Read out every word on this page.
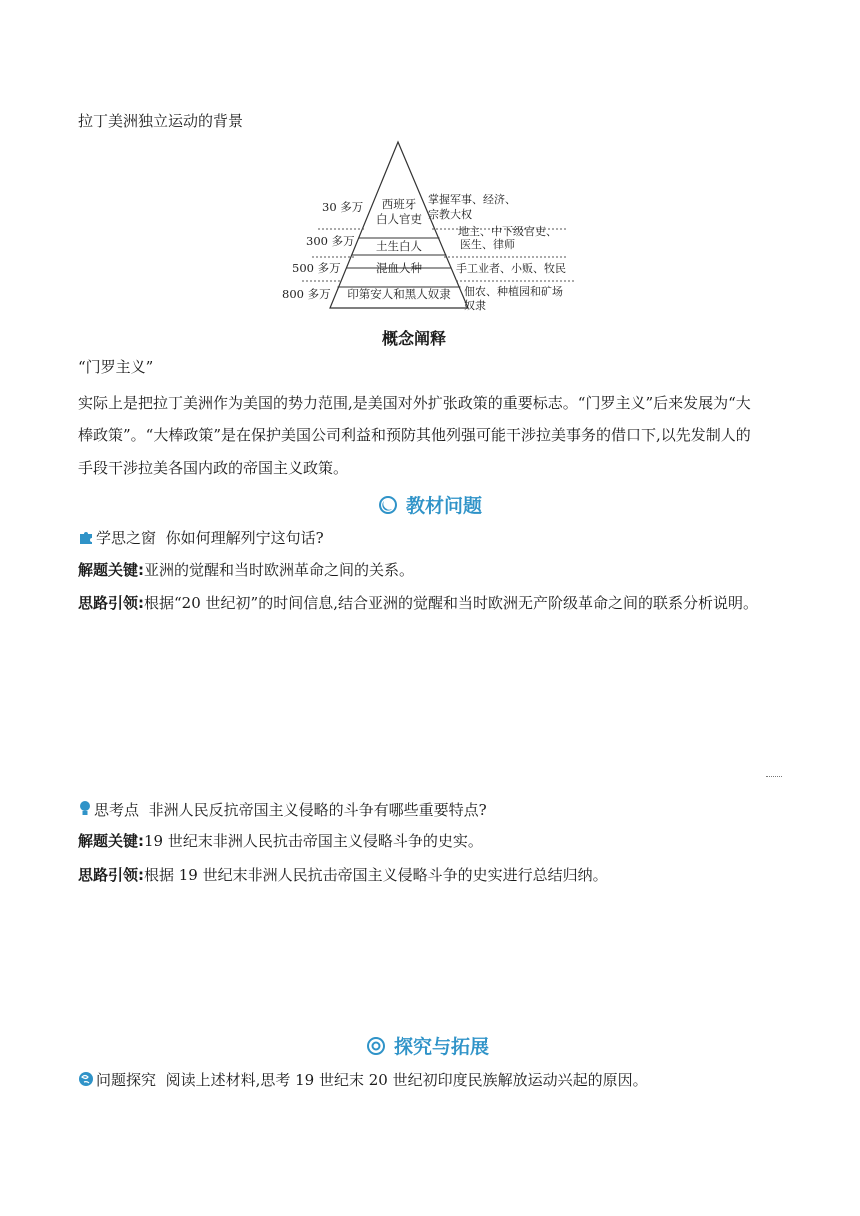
拉丁美洲独立运动的背景
30 多万
300 多万
500 多万
800 多万
西班牙
白人官吏
土生白人
混血人种
印第安人和黑人奴隶
掌握军事、经济、
宗教大权
地主、中下级官吏、
医生、律师
手工业者、小贩、牧民
佃农、种植园和矿场
奴隶
概念阐释
“门罗主义”
实际上是把拉丁美洲作为美国的势力范围,是美国对外扩张政策的重要标志。“门罗主义”后来发展为“大
棒政策”。“大棒政策”是在保护美国公司利益和预防其他列强可能干涉拉美事务的借口下,以先发制人的
手段干涉拉美各国内政的帝国主义政策。
教材问题
学思之窗 你如何理解列宁这句话?
解题关键:亚洲的觉醒和当时欧洲革命之间的关系。
思路引领:根据“20 世纪初”的时间信息,结合亚洲的觉醒和当时欧洲无产阶级革命之间的联系分析说明。
思考点 非洲人民反抗帝国主义侵略的斗争有哪些重要特点?
解题关键:19 世纪末非洲人民抗击帝国主义侵略斗争的史实。
思路引领:根据 19 世纪末非洲人民抗击帝国主义侵略斗争的史实进行总结归纳。
探究与拓展
问题探究 阅读上述材料,思考 19 世纪末 20 世纪初印度民族解放运动兴起的原因。
